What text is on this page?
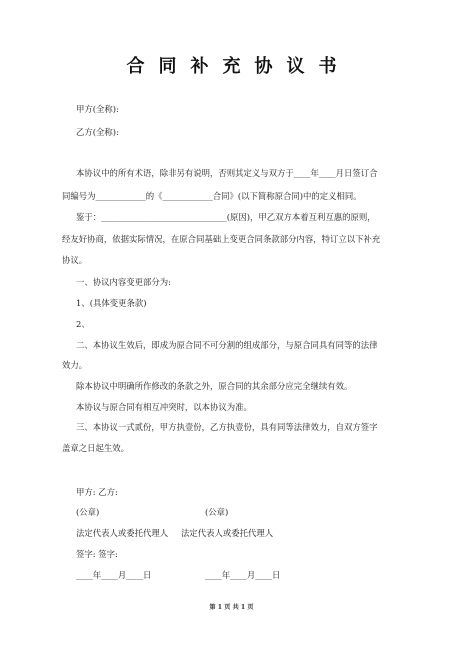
合同补充协议书
甲方(全称):
乙方(全称):
本协议中的所有术语，除非另有说明，否则其定义与双方于____年____月日签订合
同编号为____________的《____________合同》(以下简称原合同)中的定义相同。
鉴于：______________________________(原因)，甲乙双方本着互利互惠的原则，
经友好协商，依据实际情况，在原合同基础上变更合同条款部分内容，特订立以下补充
协议。
一、协议内容变更部分为:
1、(具体变更条款)
2、
二、本协议生效后，即成为原合同不可分割的组成部分，与原合同具有同等的法律
效力。
除本协议中明确所作修改的条款之外，原合同的其余部分应完全继续有效。
本协议与原合同有相互冲突时，以本协议为准。
三、本协议一式贰份，甲方执壹份，乙方执壹份，具有同等法律效力，自双方签字
盖章之日起生效。
甲方: 乙方:
(公章)	(公章)
法定代表人或委托代理人	法定代表人或委托代理人
签字: 签字:
____年____月____日	____年____月____日
第 1 页 共 1 页
